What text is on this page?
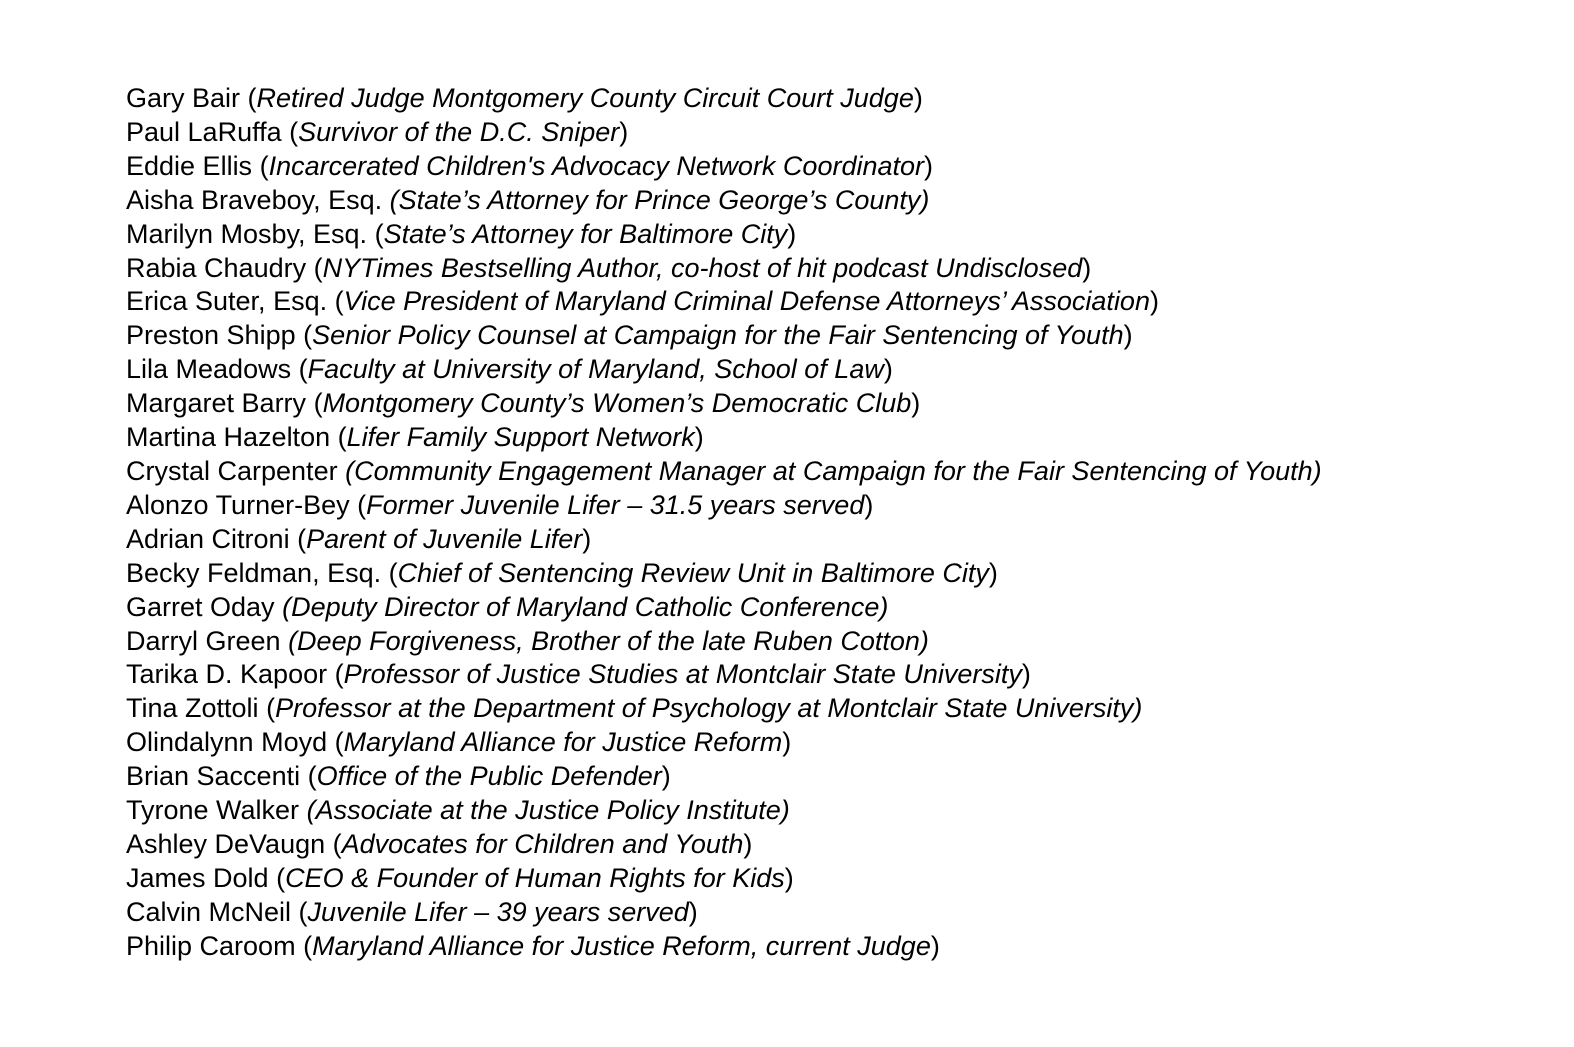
Gary Bair (Retired Judge Montgomery County Circuit Court Judge)
Paul LaRuffa (Survivor of the D.C. Sniper)
Eddie Ellis (Incarcerated Children's Advocacy Network Coordinator)
Aisha Braveboy, Esq. (State’s Attorney for Prince George’s County)
Marilyn Mosby, Esq. (State’s Attorney for Baltimore City)
Rabia Chaudry (NYTimes Bestselling Author, co-host of hit podcast Undisclosed)
Erica Suter, Esq. (Vice President of Maryland Criminal Defense Attorneys’ Association)
Preston Shipp (Senior Policy Counsel at Campaign for the Fair Sentencing of Youth)
Lila Meadows (Faculty at University of Maryland, School of Law)
Margaret Barry (Montgomery County’s Women’s Democratic Club)
Martina Hazelton (Lifer Family Support Network)
Crystal Carpenter (Community Engagement Manager at Campaign for the Fair Sentencing of Youth)
Alonzo Turner-Bey (Former Juvenile Lifer – 31.5 years served)
Adrian Citroni (Parent of Juvenile Lifer)
Becky Feldman, Esq. (Chief of Sentencing Review Unit in Baltimore City)
Garret Oday (Deputy Director of Maryland Catholic Conference)
Darryl Green (Deep Forgiveness, Brother of the late Ruben Cotton)
Tarika D. Kapoor (Professor of Justice Studies at Montclair State University)
Tina Zottoli (Professor at the Department of Psychology at Montclair State University)
Olindalynn Moyd (Maryland Alliance for Justice Reform)
Brian Saccenti (Office of the Public Defender)
Tyrone Walker (Associate at the Justice Policy Institute)
Ashley DeVaugn (Advocates for Children and Youth)
James Dold (CEO & Founder of Human Rights for Kids)
Calvin McNeil (Juvenile Lifer – 39 years served)
Philip Caroom (Maryland Alliance for Justice Reform, current Judge)
